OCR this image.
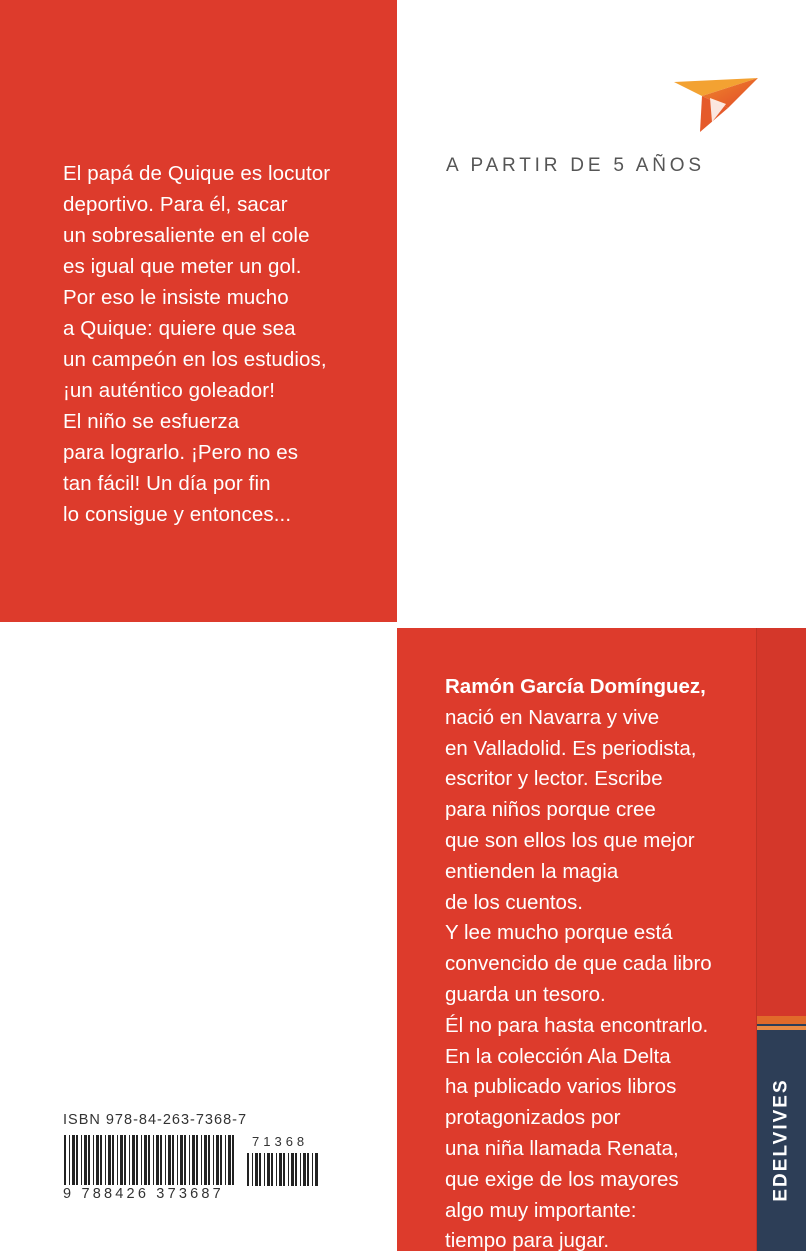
A PARTIR DE 5 AÑOS
El papá de Quique es locutor
deportivo. Para él, sacar
un sobresaliente en el cole
es igual que meter un gol.
Por eso le insiste mucho
a Quique: quiere que sea
un campeón en los estudios,
¡un auténtico goleador!
El niño se esfuerza
para lograrlo. ¡Pero no es
tan fácil! Un día por fin
lo consigue y entonces...
Ramón García Domínguez,
nació en Navarra y vive
en Valladolid. Es periodista,
escritor y lector. Escribe
para niños porque cree
que son ellos los que mejor
entienden la magia
de los cuentos.
Y lee mucho porque está
convencido de que cada libro
guarda un tesoro.
Él no para hasta encontrarlo.
En la colección Ala Delta
ha publicado varios libros
protagonizados por
una niña llamada Renata,
que exige de los mayores
algo muy importante:
tiempo para jugar.
EDELVIVES
ISBN 978-84-263-7368-7
71368
9 788426 373687
